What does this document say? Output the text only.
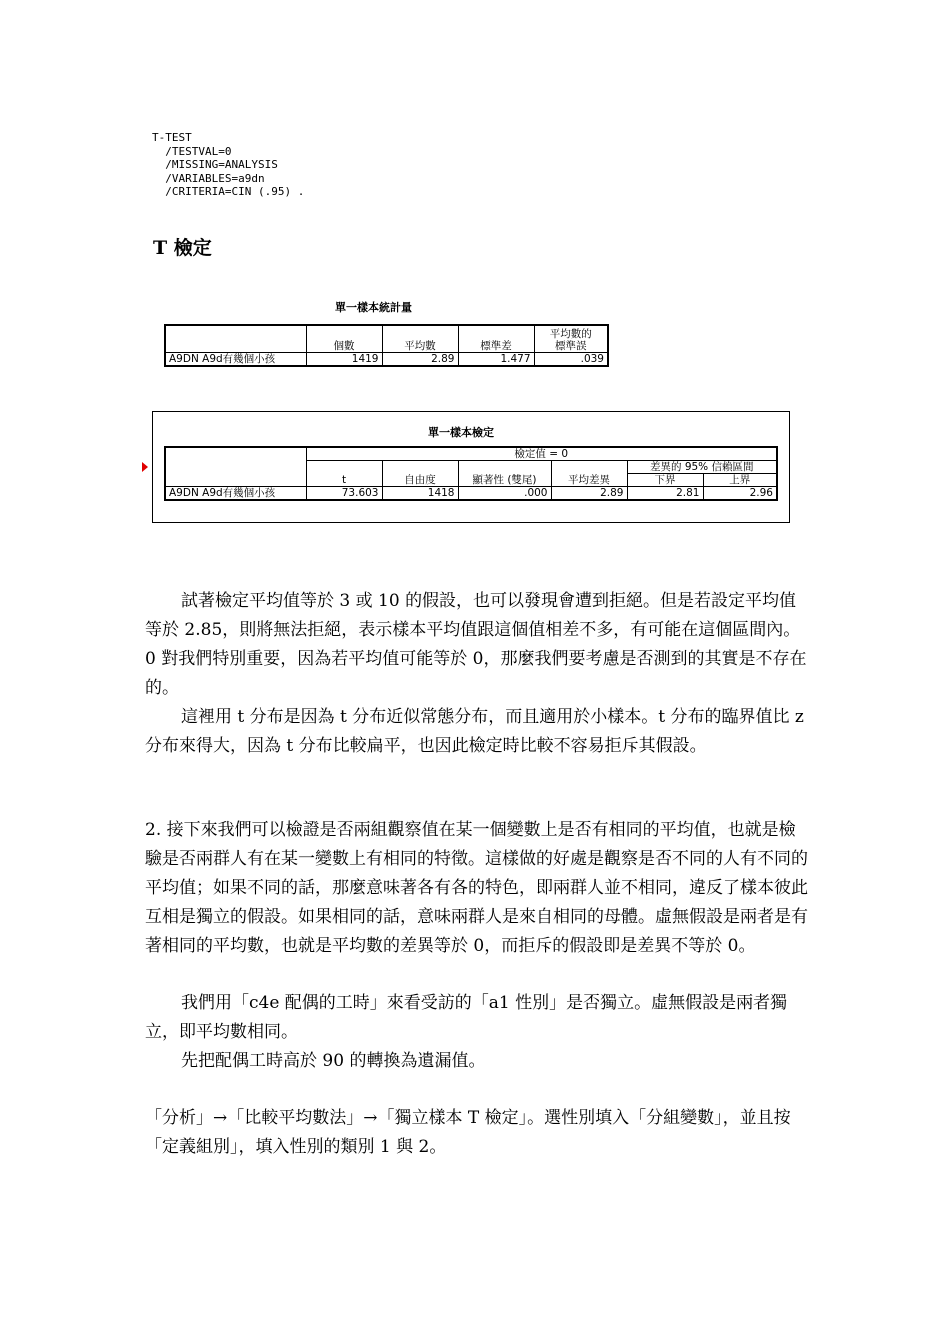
T-TEST
/TESTVAL=0
/MISSING=ANALYSIS
/VARIABLES=a9dn
/CRITERIA=CIN (.95) .
T 檢定
單一樣本統計量
	個數	平均數	標準差	平均數的
標準誤
A9DN A9d有幾個小孩	1419	2.89	1.477	.039
單一樣本檢定
	檢定值 = 0					
	t	自由度	顯著性 (雙尾)	平均差異	差異的 95% 信賴區間	
					下界	上界
A9DN A9d有幾個小孩	73.603	1418	.000	2.89	2.81	2.96

試著檢定平均值等於 3 或 10 的假設，也可以發現會遭到拒絕。但是若設定平均值等於 2.85，則將無法拒絕，表示樣本平均值跟這個值相差不多，有可能在這個區間內。0 對我們特別重要，因為若平均值可能等於 0，那麼我們要考慮是否測到的其實是不存在的。

這裡用 t 分布是因為 t 分布近似常態分布，而且適用於小樣本。t 分布的臨界值比 z 分布來得大，因為 t 分布比較扁平，也因此檢定時比較不容易拒斥其假設。

2. 接下來我們可以檢證是否兩組觀察值在某一個變數上是否有相同的平均值，也就是檢驗是否兩群人有在某一變數上有相同的特徵。這樣做的好處是觀察是否不同的人有不同的平均值；如果不同的話，那麼意味著各有各的特色，即兩群人並不相同，違反了樣本彼此互相是獨立的假設。如果相同的話，意味兩群人是來自相同的母體。虛無假設是兩者是有著相同的平均數，也就是平均數的差異等於 0，而拒斥的假設即是差異不等於 0。

我們用「c4e 配偶的工時」來看受訪的「a1 性別」是否獨立。虛無假設是兩者獨立，即平均數相同。

先把配偶工時高於 90 的轉換為遺漏值。

「分析」→「比較平均數法」→「獨立樣本 T 檢定」。選性別填入「分組變數」，並且按「定義組別」，填入性別的類別 1 與 2。
